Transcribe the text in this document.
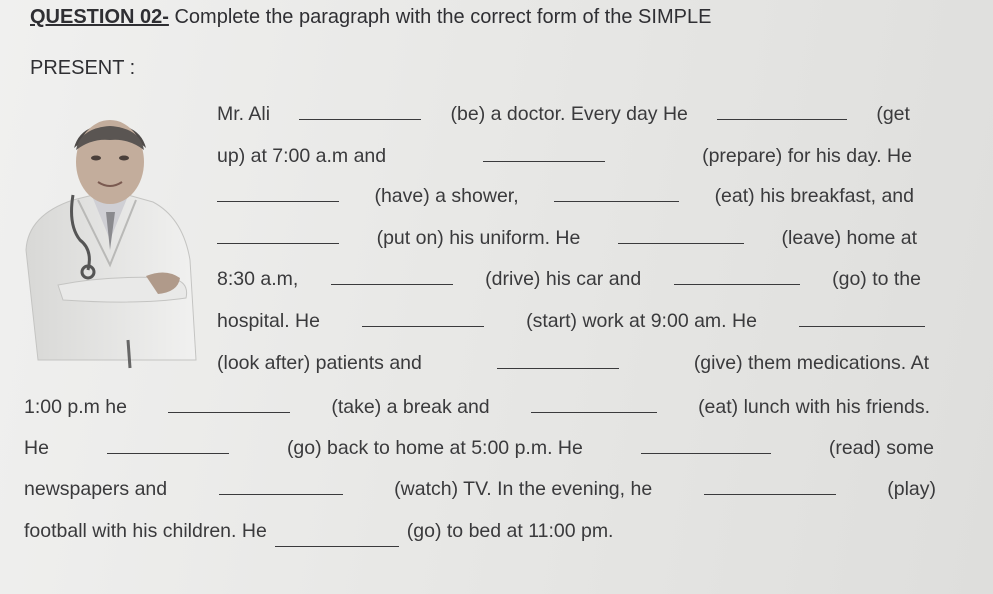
QUESTION 02- Complete the paragraph with the correct form of the SIMPLE
PRESENT :
Mr. Ali	(be) a doctor. Every day He	(get
up) at 7:00 a.m and	(prepare) for his day. He
(have) a shower,	(eat) his breakfast, and
(put on) his uniform. He	(leave) home at
8:30 a.m,	(drive) his car and	(go) to the
hospital. He	(start) work at 9:00 am. He
(look after) patients and	(give) them medications. At
1:00 p.m he	(take) a break and	(eat) lunch with his friends.
He	(go) back to home at 5:00 p.m. He	(read) some
newspapers and	(watch) TV. In the evening, he	(play)
football with his children. He	(go) to bed at 11:00 pm.
